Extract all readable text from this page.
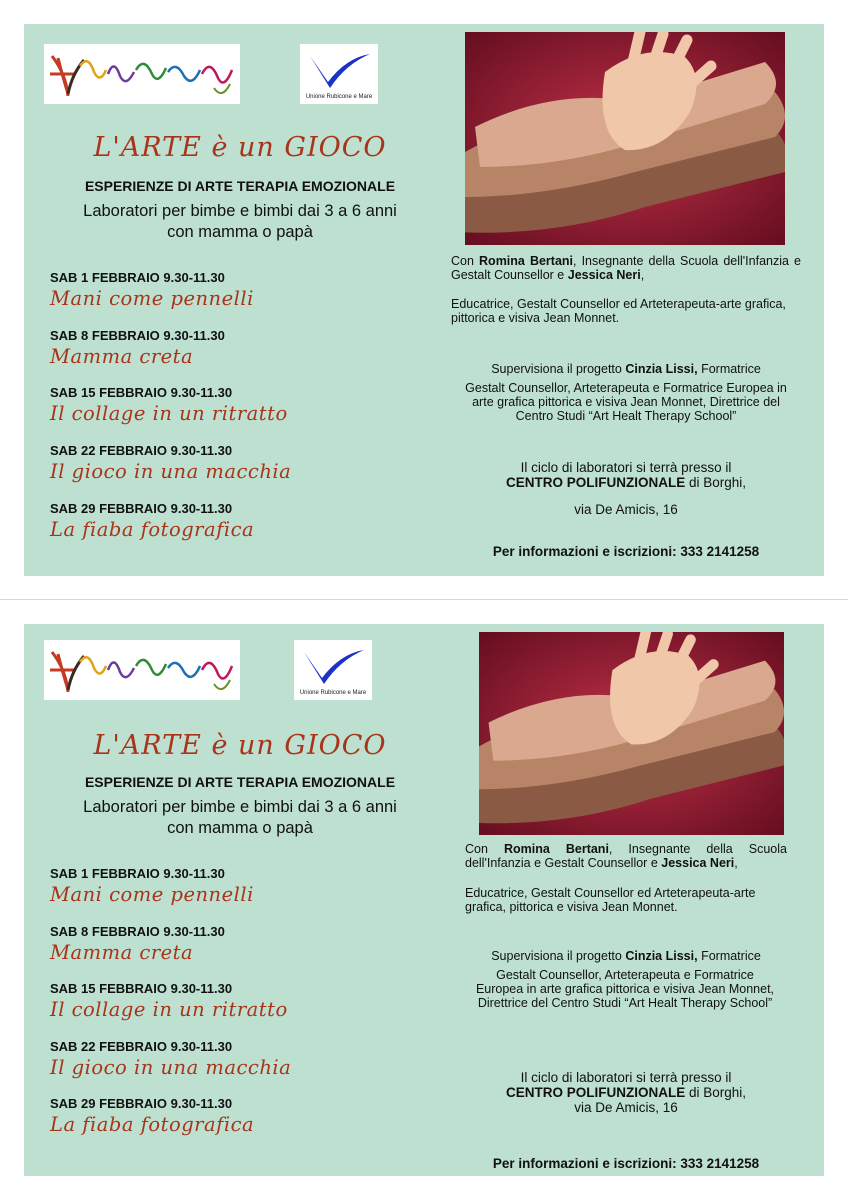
Unione Rubicone e Mare
L'ARTE è un GIOCO
ESPERIENZE DI ARTE TERAPIA EMOZIONALE
Laboratori per bimbe e bimbi dai 3 a 6 anni
con mamma o papà
SAB 1 FEBBRAIO 9.30-11.30
Mani come pennelli
SAB 8 FEBBRAIO 9.30-11.30
Mamma creta
SAB 15 FEBBRAIO 9.30-11.30
Il collage in un ritratto
SAB 22 FEBBRAIO 9.30-11.30
Il gioco in una macchia
SAB 29 FEBBRAIO 9.30-11.30
La fiaba fotografica
Con Romina Bertani, Insegnante della Scuola dell'Infanzia e Gestalt Counsellor e Jessica Neri,
Educatrice, Gestalt Counsellor ed Arteterapeuta-arte grafica, pittorica e visiva Jean Monnet.
Supervisiona il progetto Cinzia Lissi, Formatrice
Gestalt Counsellor, Arteterapeuta e Formatrice Europea in arte grafica pittorica e visiva Jean Monnet, Direttrice del Centro Studi “Art Healt Therapy School”
Il ciclo di laboratori si terrà presso il
CENTRO POLIFUNZIONALE di Borghi,
via De Amicis, 16
Per informazioni e iscrizioni: 333 2141258
Unione Rubicone e Mare
L'ARTE è un GIOCO
ESPERIENZE DI ARTE TERAPIA EMOZIONALE
Laboratori per bimbe e bimbi dai 3 a 6 anni
con mamma o papà
SAB 1 FEBBRAIO 9.30-11.30
Mani come pennelli
SAB 8 FEBBRAIO 9.30-11.30
Mamma creta
SAB 15 FEBBRAIO 9.30-11.30
Il collage in un ritratto
SAB 22 FEBBRAIO 9.30-11.30
Il gioco in una macchia
SAB 29 FEBBRAIO 9.30-11.30
La fiaba fotografica
Con Romina Bertani, Insegnante della Scuola dell'Infanzia e Gestalt Counsellor e Jessica Neri,
Educatrice, Gestalt Counsellor ed Arteterapeuta-arte grafica, pittorica e visiva Jean Monnet.
Supervisiona il progetto Cinzia Lissi, Formatrice
Gestalt Counsellor, Arteterapeuta e Formatrice Europea in arte grafica pittorica e visiva Jean Monnet, Direttrice del Centro Studi “Art Healt Therapy School”
Il ciclo di laboratori si terrà presso il
CENTRO POLIFUNZIONALE di Borghi,
via De Amicis, 16
Per informazioni e iscrizioni: 333 2141258
